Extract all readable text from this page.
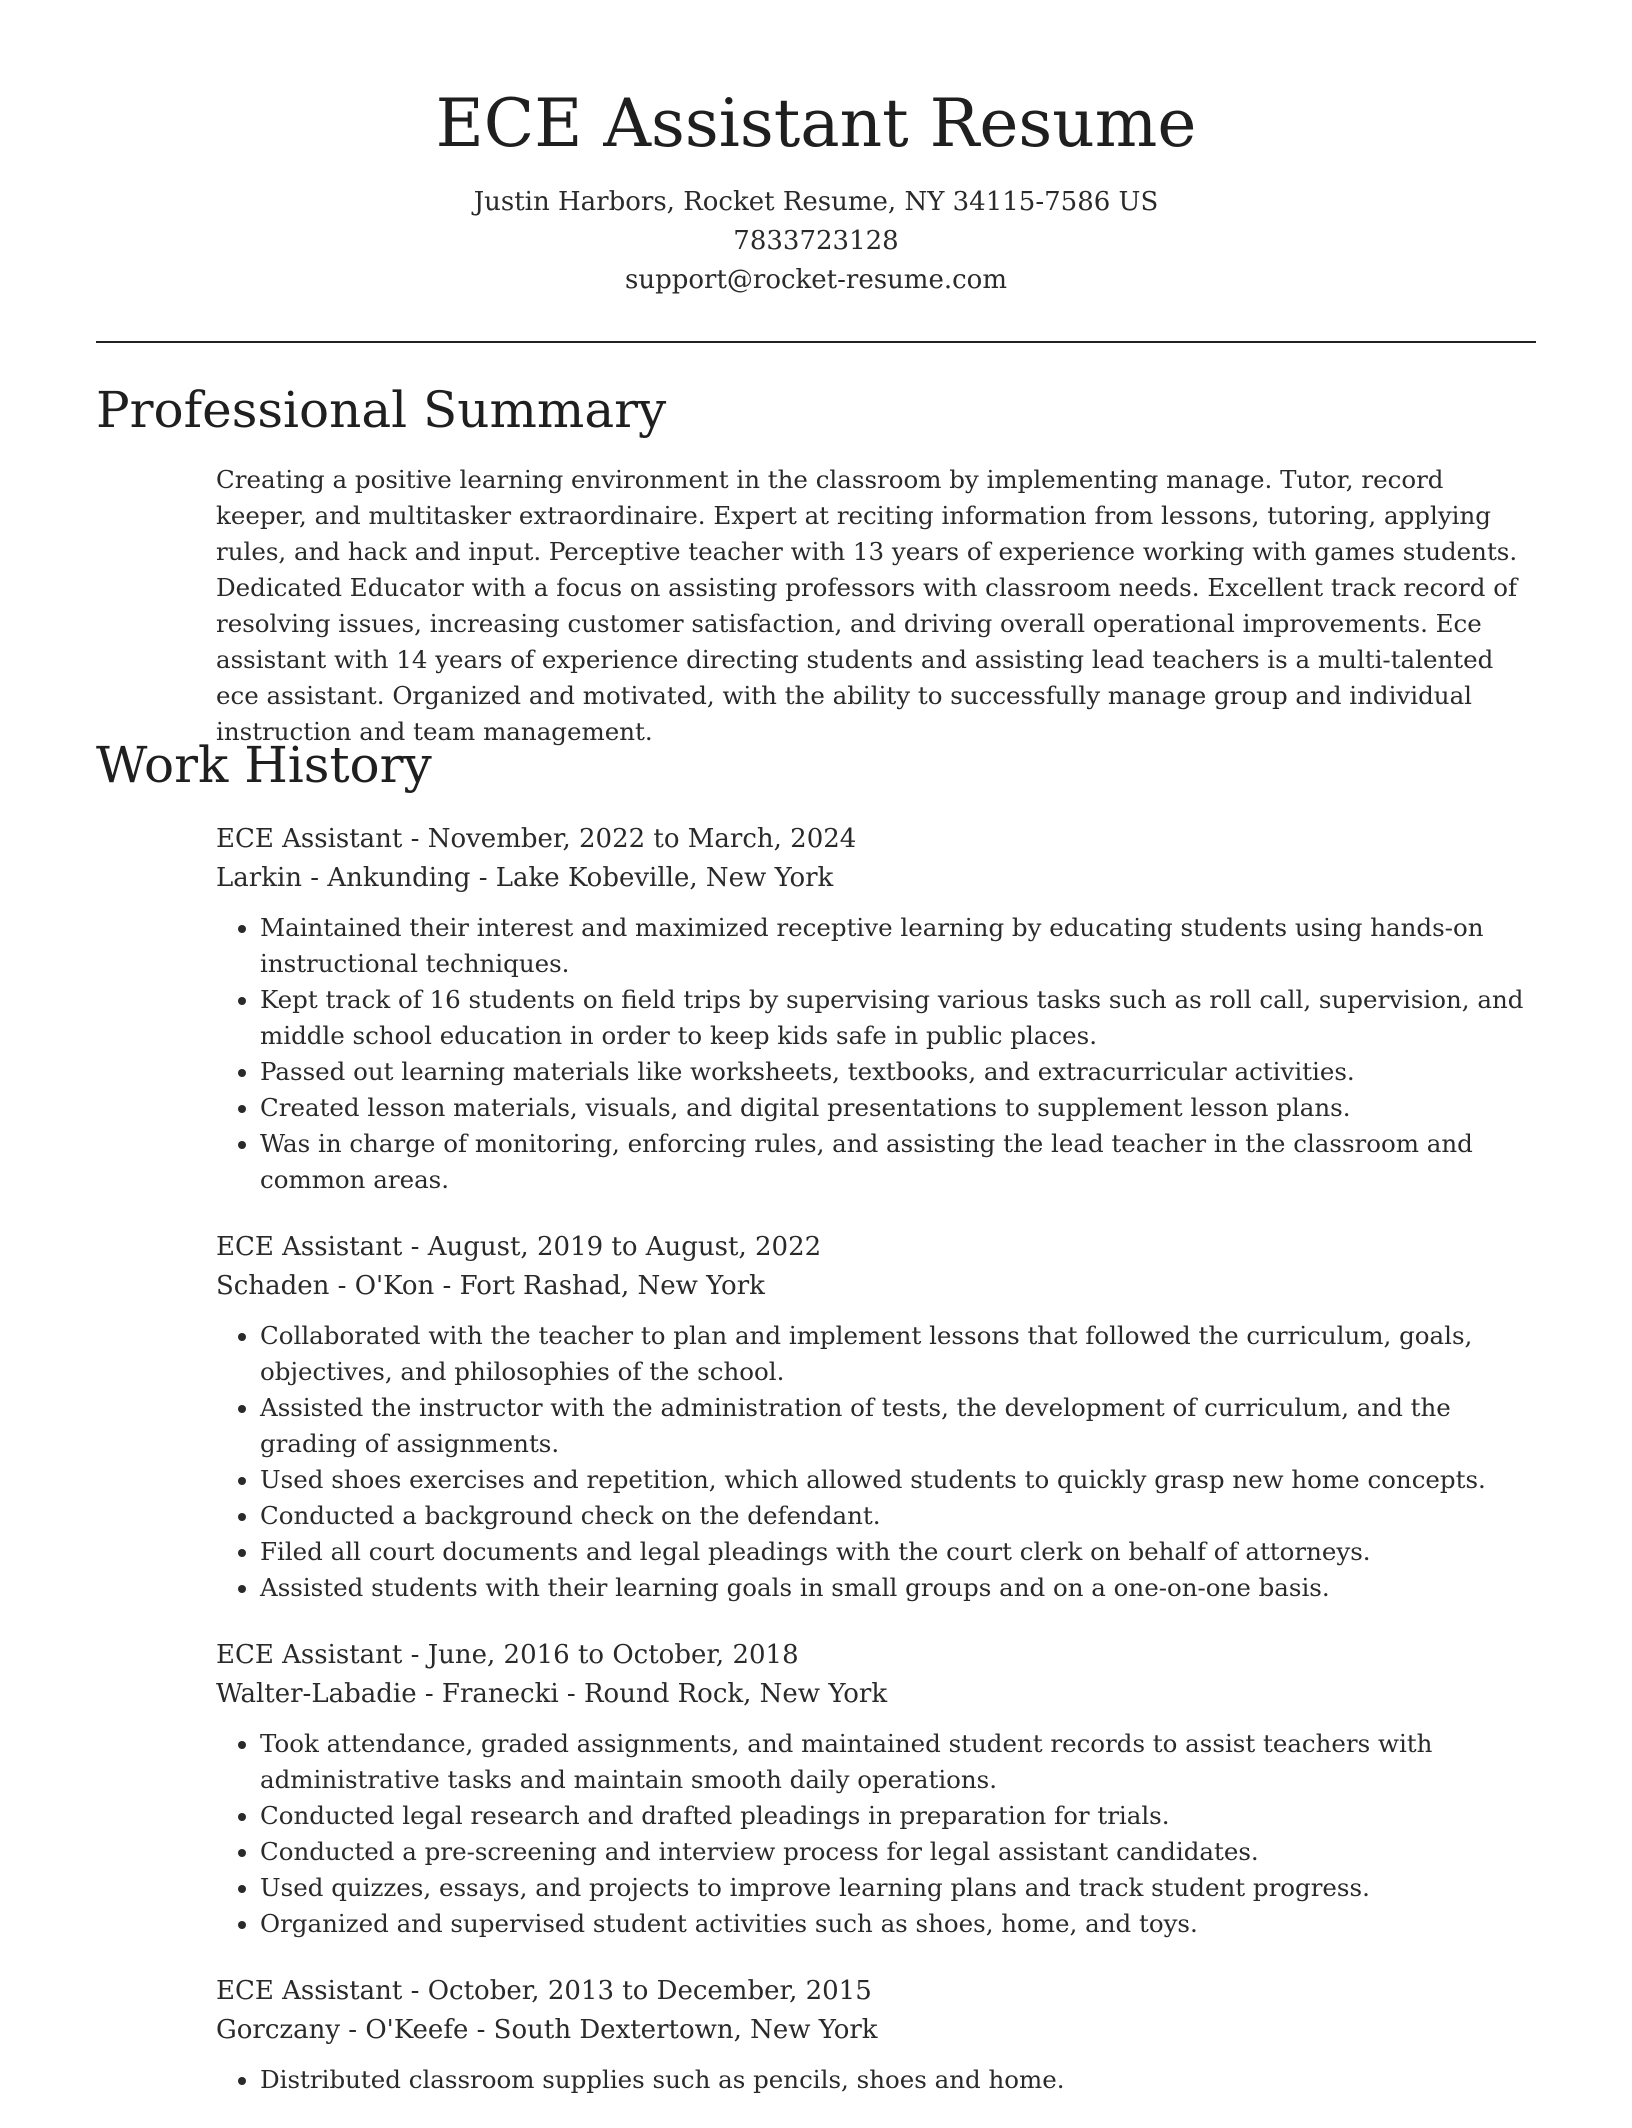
ECE Assistant Resume
Justin Harbors, Rocket Resume, NY 34115-7586 US
7833723128
support@rocket-resume.com
Professional Summary

Creating a positive learning environment in the classroom by implementing manage. Tutor, record keeper, and multitasker extraordinaire. Expert at reciting information from lessons, tutoring, applying rules, and hack and input. Perceptive teacher with 13 years of experience working with games students. Dedicated Educator with a focus on assisting professors with classroom needs. Excellent track record of resolving issues, increasing customer satisfaction, and driving overall operational improvements. Ece assistant with 14 years of experience directing students and assisting lead teachers is a multi-talented ece assistant. Organized and motivated, with the ability to successfully manage group and individual instruction and team management.

Work History
ECE Assistant - November, 2022 to March, 2024
Larkin - Ankunding - Lake Kobeville, New York
• Maintained their interest and maximized receptive learning by educating students using hands-on instructional techniques.
• Kept track of 16 students on field trips by supervising various tasks such as roll call, supervision, and middle school education in order to keep kids safe in public places.
• Passed out learning materials like worksheets, textbooks, and extracurricular activities.
• Created lesson materials, visuals, and digital presentations to supplement lesson plans.
• Was in charge of monitoring, enforcing rules, and assisting the lead teacher in the classroom and common areas.
ECE Assistant - August, 2019 to August, 2022
Schaden - O'Kon - Fort Rashad, New York
• Collaborated with the teacher to plan and implement lessons that followed the curriculum, goals, objectives, and philosophies of the school.
• Assisted the instructor with the administration of tests, the development of curriculum, and the grading of assignments.
• Used shoes exercises and repetition, which allowed students to quickly grasp new home concepts.
• Conducted a background check on the defendant.
• Filed all court documents and legal pleadings with the court clerk on behalf of attorneys.
• Assisted students with their learning goals in small groups and on a one-on-one basis.
ECE Assistant - June, 2016 to October, 2018
Walter-Labadie - Franecki - Round Rock, New York
• Took attendance, graded assignments, and maintained student records to assist teachers with administrative tasks and maintain smooth daily operations.
• Conducted legal research and drafted pleadings in preparation for trials.
• Conducted a pre-screening and interview process for legal assistant candidates.
• Used quizzes, essays, and projects to improve learning plans and track student progress.
• Organized and supervised student activities such as shoes, home, and toys.
ECE Assistant - October, 2013 to December, 2015
Gorczany - O'Keefe - South Dextertown, New York
• Distributed classroom supplies such as pencils, shoes and home.
